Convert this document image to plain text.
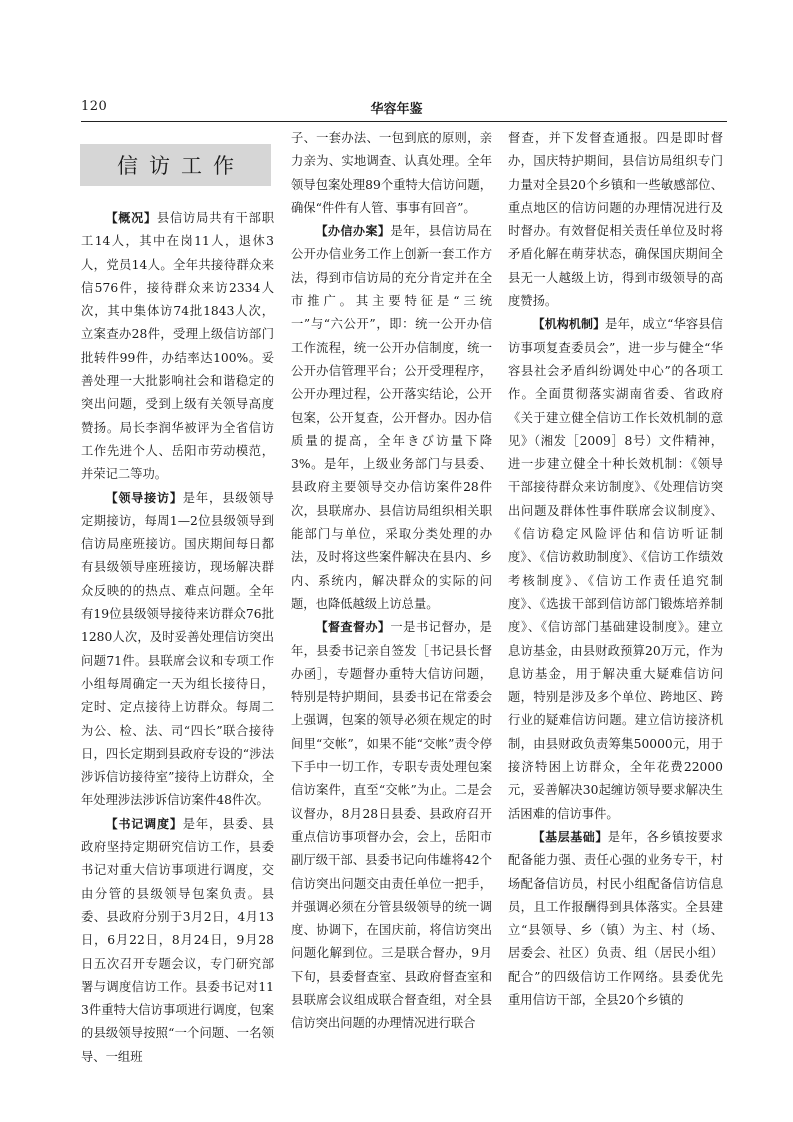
120	华容年鉴
信访工作

【概况】县信访局共有干部职工14人，其中在岗11人，退休3人，党员14人。全年共接待群众来信576件，接待群众来访2334人次，其中集体访74批1843人次，立案查办28件，受理上级信访部门批转件99件，办结率达100%。妥善处理一大批影响社会和谐稳定的突出问题，受到上级有关领导高度赞扬。局长李润华被评为全省信访工作先进个人、岳阳市劳动模范，并荣记二等功。

【领导接访】是年，县级领导定期接访，每周1—2位县级领导到信访局座班接访。国庆期间每日都有县级领导座班接访，现场解决群众反映的的热点、难点问题。全年有19位县级领导接待来访群众76批1280人次，及时妥善处理信访突出问题71件。县联席会议和专项工作小组每周确定一天为组长接待日，定时、定点接待上访群众。每周二为公、检、法、司“四长”联合接待日，四长定期到县政府专设的“涉法涉诉信访接待室”接待上访群众，全年处理涉法涉诉信访案件48件次。

【书记调度】是年，县委、县政府坚持定期研究信访工作，县委书记对重大信访事项进行调度，交由分管的县级领导包案负责。县委、县政府分别于3月2日，4月13日，6月22日，8月24日，9月28日五次召开专题会议，专门研究部署与调度信访工作。县委书记对113件重特大信访事项进行调度，包案的县级领导按照“一个问题、一名领导、一组班

子、一套办法、一包到底的原则，亲力亲为、实地调查、认真处理。全年领导包案处理89个重特大信访问题，确保“件件有人管、事事有回音”。

【办信办案】是年，县信访局在公开办信业务工作上创新一套工作方法，得到市信访局的充分肯定并在全市推广。其主要特征是“三统一”与“六公开”，即：统一公开办信工作流程，统一公开办信制度，统一公开办信管理平台；公开受理程序，公开办理过程，公开落实结论，公开包案，公开复查，公开督办。因办信质量的提高，全年きび访量下降3%。是年，上级业务部门与县委、县政府主要领导交办信访案件28件次，县联席办、县信访局组织相关职能部门与单位，采取分类处理的办法，及时将这些案件解决在县内、乡内、系统内，解决群众的实际的问题，也降低越级上访总量。

【督查督办】一是书记督办，是年，县委书记亲自签发［书记县长督办函］，专题督办重特大信访问题，特别是特护期间，县委书记在常委会上强调，包案的领导必须在规定的时间里“交帐”，如果不能“交帐”责令停下手中一切工作，专职专责处理包案信访案件，直至“交帐”为止。二是会议督办，8月28日县委、县政府召开重点信访事项督办会，会上，岳阳市副厅级干部、县委书记向伟雄将42个信访突出问题交由责任单位一把手，并强调必须在分管县级领导的统一调度、协调下，在国庆前，将信访突出问题化解到位。三是联合督办，9月下旬，县委督查室、县政府督查室和县联席会议组成联合督查组，对全县信访突出问题的办理情况进行联合

督查，并下发督查通报。四是即时督办，国庆特护期间，县信访局组织专门力量对全县20个乡镇和一些敏感部位、重点地区的信访问题的办理情况进行及时督办。有效督促相关责任单位及时将矛盾化解在萌芽状态，确保国庆期间全县无一人越级上访，得到市级领导的高度赞扬。

【机构机制】是年，成立“华容县信访事项复查委员会”，进一步与健全“华容县社会矛盾纠纷调处中心”的各项工作。全面贯彻落实湖南省委、省政府《关于建立健全信访工作长效机制的意见》（湘发［2009］8号）文件精神，进一步建立健全十种长效机制：《领导干部接待群众来访制度》、《处理信访突出问题及群体性事件联席会议制度》、《信访稳定风险评估和信访听证制度》、《信访救助制度》、《信访工作绩效考核制度》、《信访工作责任追究制度》、《选拔干部到信访部门锻炼培养制度》、《信访部门基础建设制度》。建立息访基金，由县财政预算20万元，作为息访基金，用于解决重大疑难信访问题，特别是涉及多个单位、跨地区、跨行业的疑难信访问题。建立信访接济机制，由县财政负责筹集50000元，用于接济特困上访群众，全年花费22000元，妥善解决30起缠访领导要求解决生活困难的信访事件。

【基层基础】是年，各乡镇按要求配备能力强、责任心强的业务专干，村场配备信访员，村民小组配备信访信息员，且工作报酬得到具体落实。全县建立“县领导、乡（镇）为主、村（场、居委会、社区）负责、组（居民小组）配合”的四级信访工作网络。县委优先重用信访干部，全县20个乡镇的
